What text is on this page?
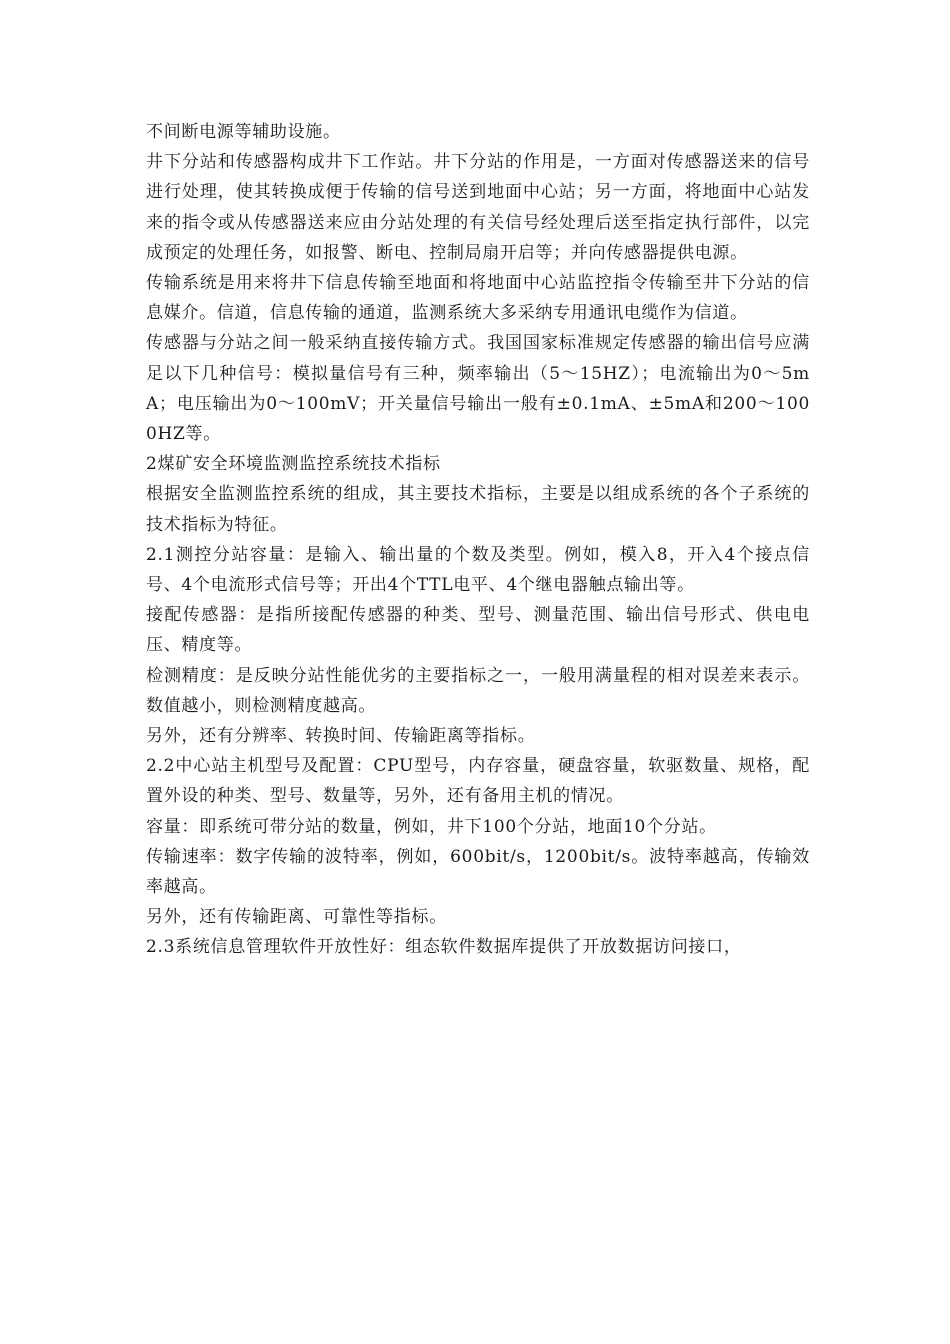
不间断电源等辅助设施。

井下分站和传感器构成井下工作站。井下分站的作用是，一方面对传感器送来的信号进行处理，使其转换成便于传输的信号送到地面中心站；另一方面，将地面中心站发来的指令或从传感器送来应由分站处理的有关信号经处理后送至指定执行部件，以完成预定的处理任务，如报警、断电、控制局扇开启等；并向传感器提供电源。

传输系统是用来将井下信息传输至地面和将地面中心站监控指令传输至井下分站的信息媒介。信道，信息传输的通道，监测系统大多采纳专用通讯电缆作为信道。

传感器与分站之间一般采纳直接传输方式。我国国家标准规定传感器的输出信号应满足以下几种信号：模拟量信号有三种，频率输出（5～15HZ）；电流输出为0～5mA；电压输出为0～100mV；开关量信号输出一般有±0.1mA、±5mA和200～1000HZ等。

2煤矿安全环境监测监控系统技术指标

根据安全监测监控系统的组成，其主要技术指标，主要是以组成系统的各个子系统的技术指标为特征。

2.1测控分站容量：是输入、输出量的个数及类型。例如，模入8，开入4个接点信号、4个电流形式信号等；开出4个TTL电平、4个继电器触点输出等。

接配传感器：是指所接配传感器的种类、型号、测量范围、输出信号形式、供电电压、精度等。

检测精度：是反映分站性能优劣的主要指标之一，一般用满量程的相对误差来表示。数值越小，则检测精度越高。

另外，还有分辨率、转换时间、传输距离等指标。

2.2中心站主机型号及配置：CPU型号，内存容量，硬盘容量，软驱数量、规格，配置外设的种类、型号、数量等，另外，还有备用主机的情况。

容量：即系统可带分站的数量，例如，井下100个分站，地面10个分站。

传输速率：数字传输的波特率，例如，600bit/s，1200bit/s。波特率越高，传输效率越高。

另外，还有传输距离、可靠性等指标。

2.3系统信息管理软件开放性好：组态软件数据库提供了开放数据访问接口，
